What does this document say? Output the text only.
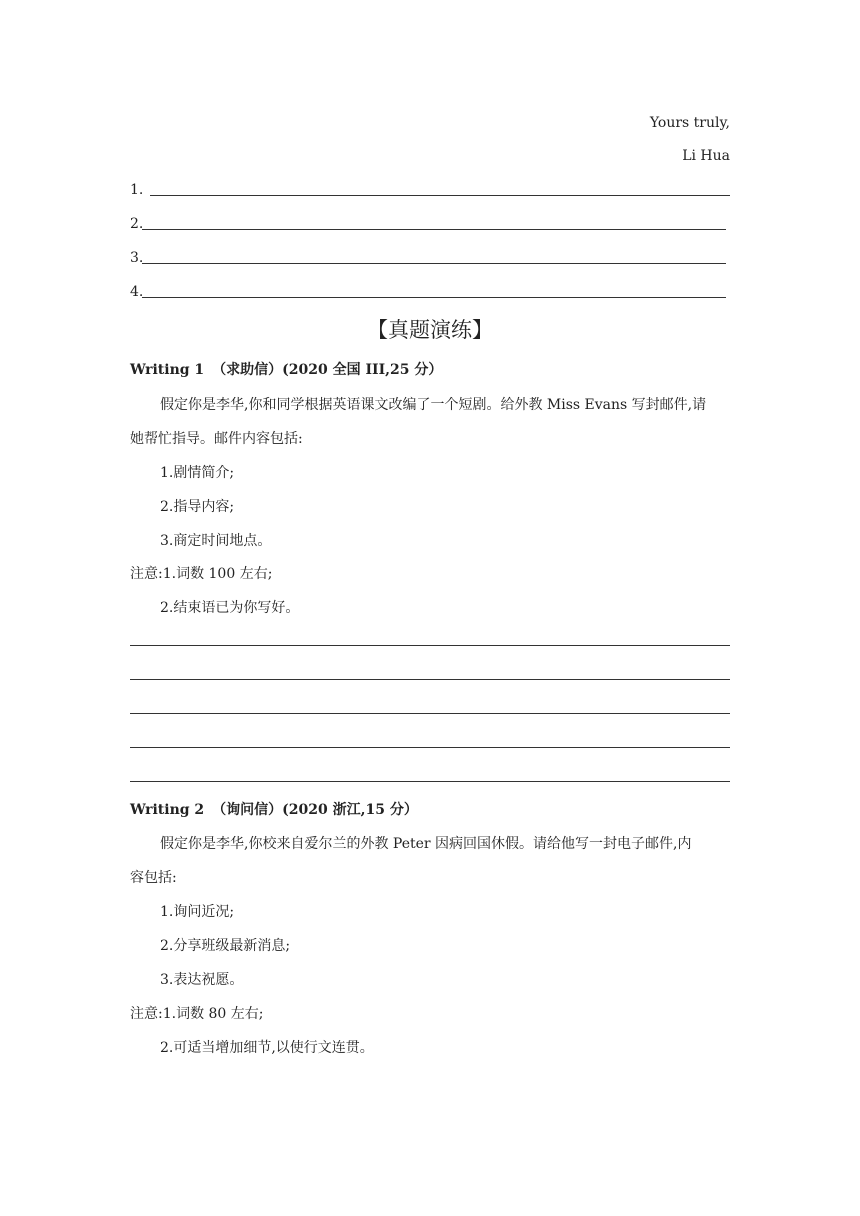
Yours truly,
Li Hua
1.
2.
3.
4.
【真题演练】
Writing 1 （求助信）(2020 全国 III,25 分）
假定你是李华,你和同学根据英语课文改编了一个短剧。给外教 Miss Evans 写封邮件,请
她帮忙指导。邮件内容包括:
1.剧情简介;
2.指导内容;
3.商定时间地点。
注意:1.词数 100 左右;
2.结束语已为你写好。
Writing 2 （询问信）(2020 浙江,15 分）
假定你是李华,你校来自爱尔兰的外教 Peter 因病回国休假。请给他写一封电子邮件,内
容包括:
1.询问近况;
2.分享班级最新消息;
3.表达祝愿。
注意:1.词数 80 左右;
2.可适当增加细节,以使行文连贯。
